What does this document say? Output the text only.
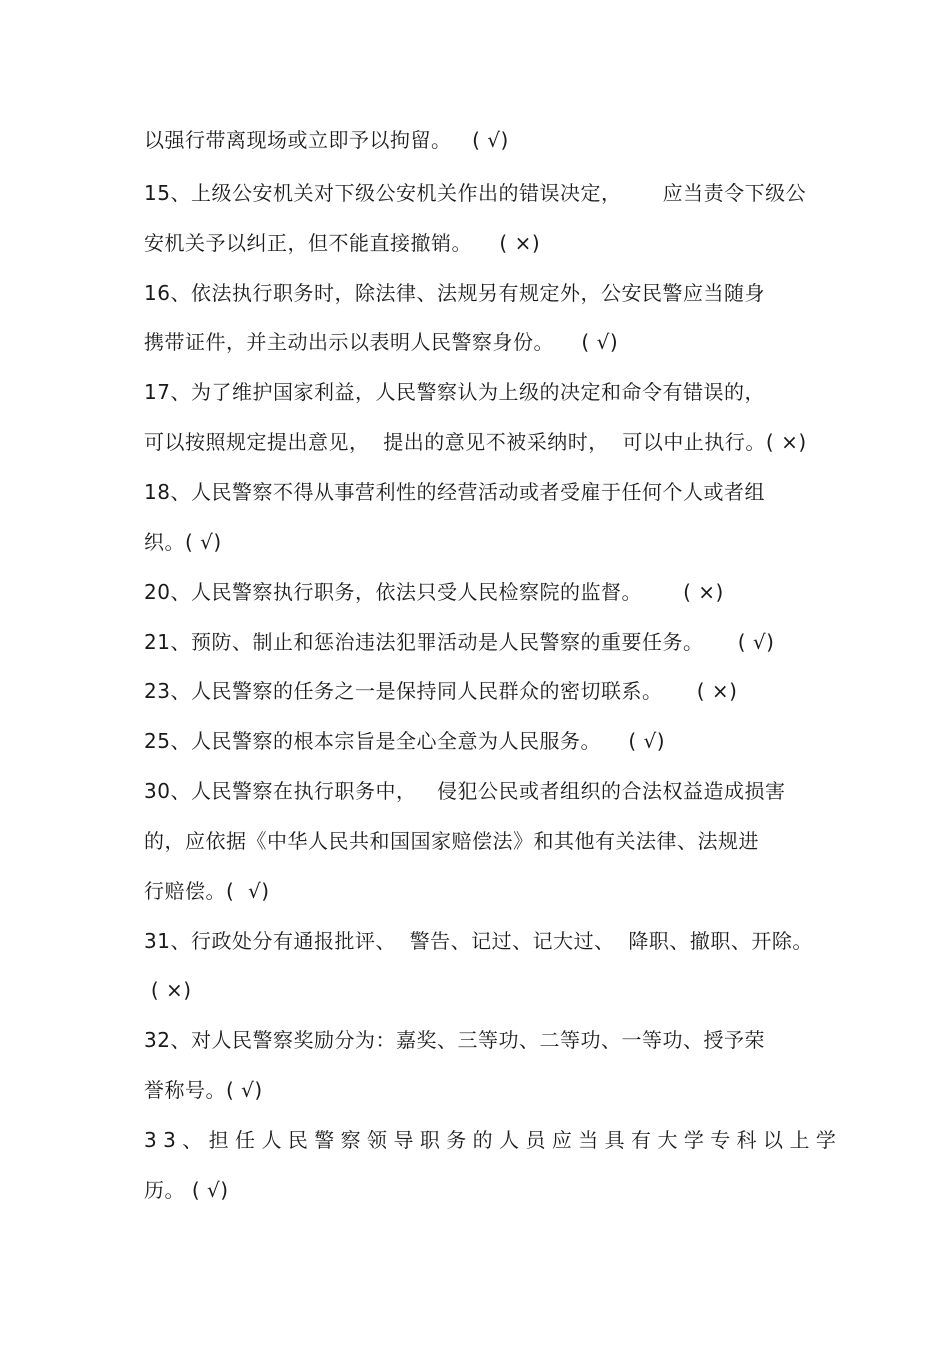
以强行带离现场或立即予以拘留。   ( √)
15、上级公安机关对下级公安机关作出的错误决定，      应当责令下级公
安机关予以纠正，但不能直接撤销。    ( ×)
16、依法执行职务时，除法律、法规另有规定外，公安民警应当随身
携带证件，并主动出示以表明人民警察身份。    ( √)
17、为了维护国家利益，人民警察认为上级的决定和命令有错误的，
可以按照规定提出意见，  提出的意见不被采纳时，  可以中止执行。( ×)
18、人民警察不得从事营利性的经营活动或者受雇于任何个人或者组
织。( √)
20、人民警察执行职务，依法只受人民检察院的监督。      ( ×)
21、预防、制止和惩治违法犯罪活动是人民警察的重要任务。     ( √)
23、人民警察的任务之一是保持同人民群众的密切联系。     ( ×)
25、人民警察的根本宗旨是全心全意为人民服务。    ( √)
30、人民警察在执行职务中，   侵犯公民或者组织的合法权益造成损害
的，应依据《中华人民共和国国家赔偿法》和其他有关法律、法规进
行赔偿。(  √)
31、行政处分有通报批评、  警告、记过、记大过、  降职、撤职、开除。
( ×)
32、对人民警察奖励分为：嘉奖、三等功、二等功、一等功、授予荣
誉称号。( √)
33、担任人民警察领导职务的人员应当具有大学专科以上学
历。 ( √)
